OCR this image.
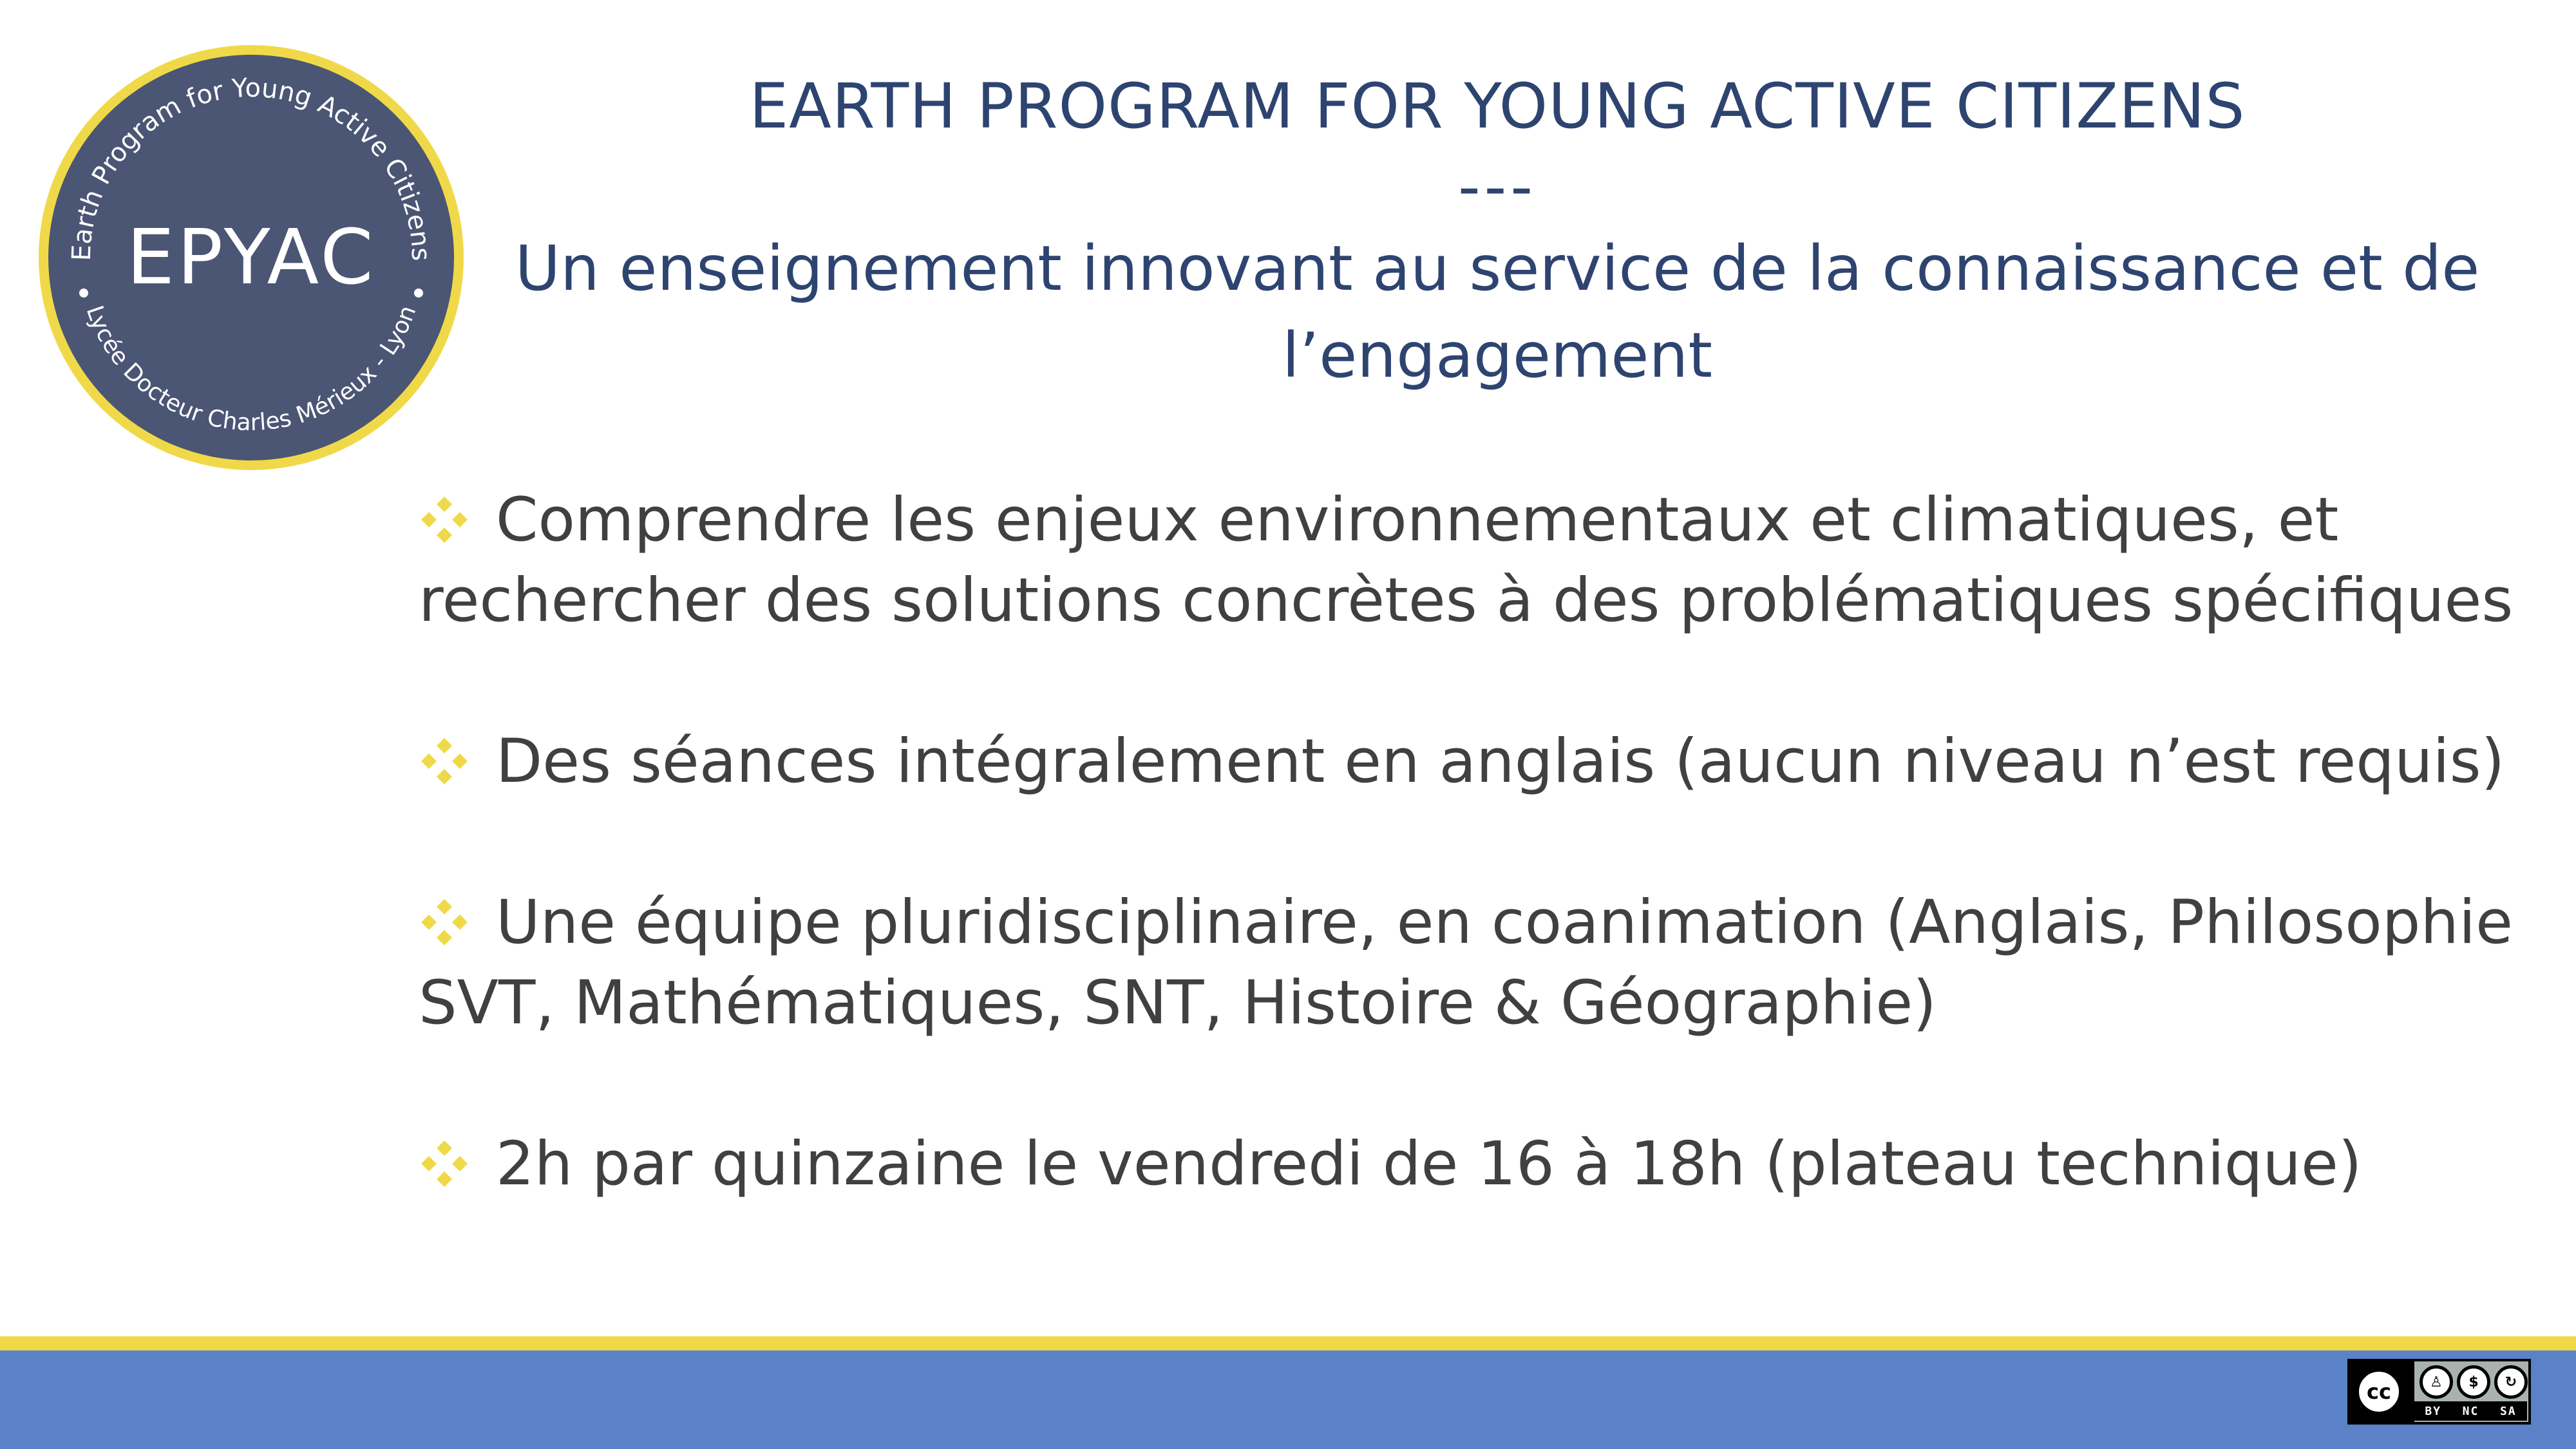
Earth Program for Young Active Citizens
Lycée Docteur Charles Mérieux - Lyon
EPYAC
EARTH PROGRAM FOR YOUNG ACTIVE CITIZENS
---
Un enseignement innovant au service de la connaissance et de
l’engagement
Comprendre les enjeux environnementaux et climatiques, et
rechercher des solutions concrètes à des problématiques spécifiques
Des séances intégralement en anglais (aucun niveau n’est requis)
Une équipe pluridisciplinaire, en coanimation (Anglais, Philosophie
SVT, Mathématiques, SNT, Histoire & Géographie)
2h par quinzaine le vendredi de 16 à 18h (plateau technique)
cc	♙	$	↻
BY NC SA
